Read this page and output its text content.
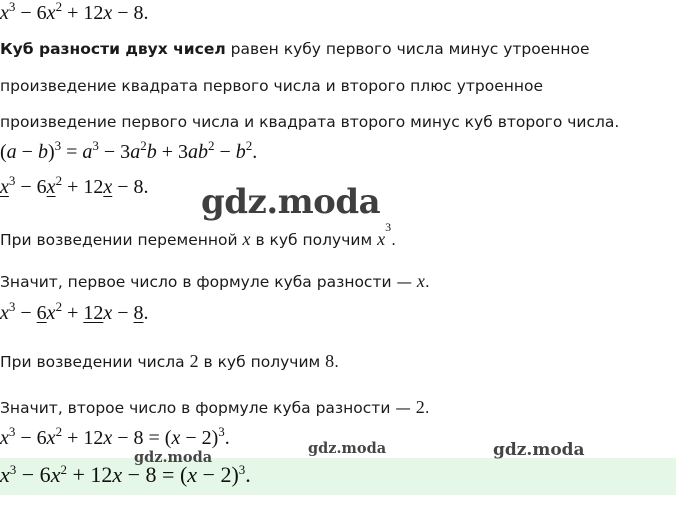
$x^3 - 6x^2 + 12x - 8$.
Куб разности двух чисел равен кубу первого числа минус утроенное
произведение квадрата первого числа и второго плюс утроенное
произведение первого числа и квадрата второго минус куб второго числа.
$(a - b)^3 = a^3 - 3a^2b + 3ab^2 - b^2$.
$x^3 - 6x^2 + 12x - 8$.
При возведении переменной x в куб получим $x^3$.
Значит, первое число в формуле куба разности — x.
$x^3 - 6x^2 + 12x - 8$.
При возведении числа 2 в куб получим 8.
Значит, второе число в формуле куба разности — 2.
$x^3 - 6x^2 + 12x - 8 = (x - 2)^3$.
$x^3 - 6x^2 + 12x - 8 = (x - 2)^3$.
gdz.moda
gdz.moda
gdz.moda	gdz.moda
